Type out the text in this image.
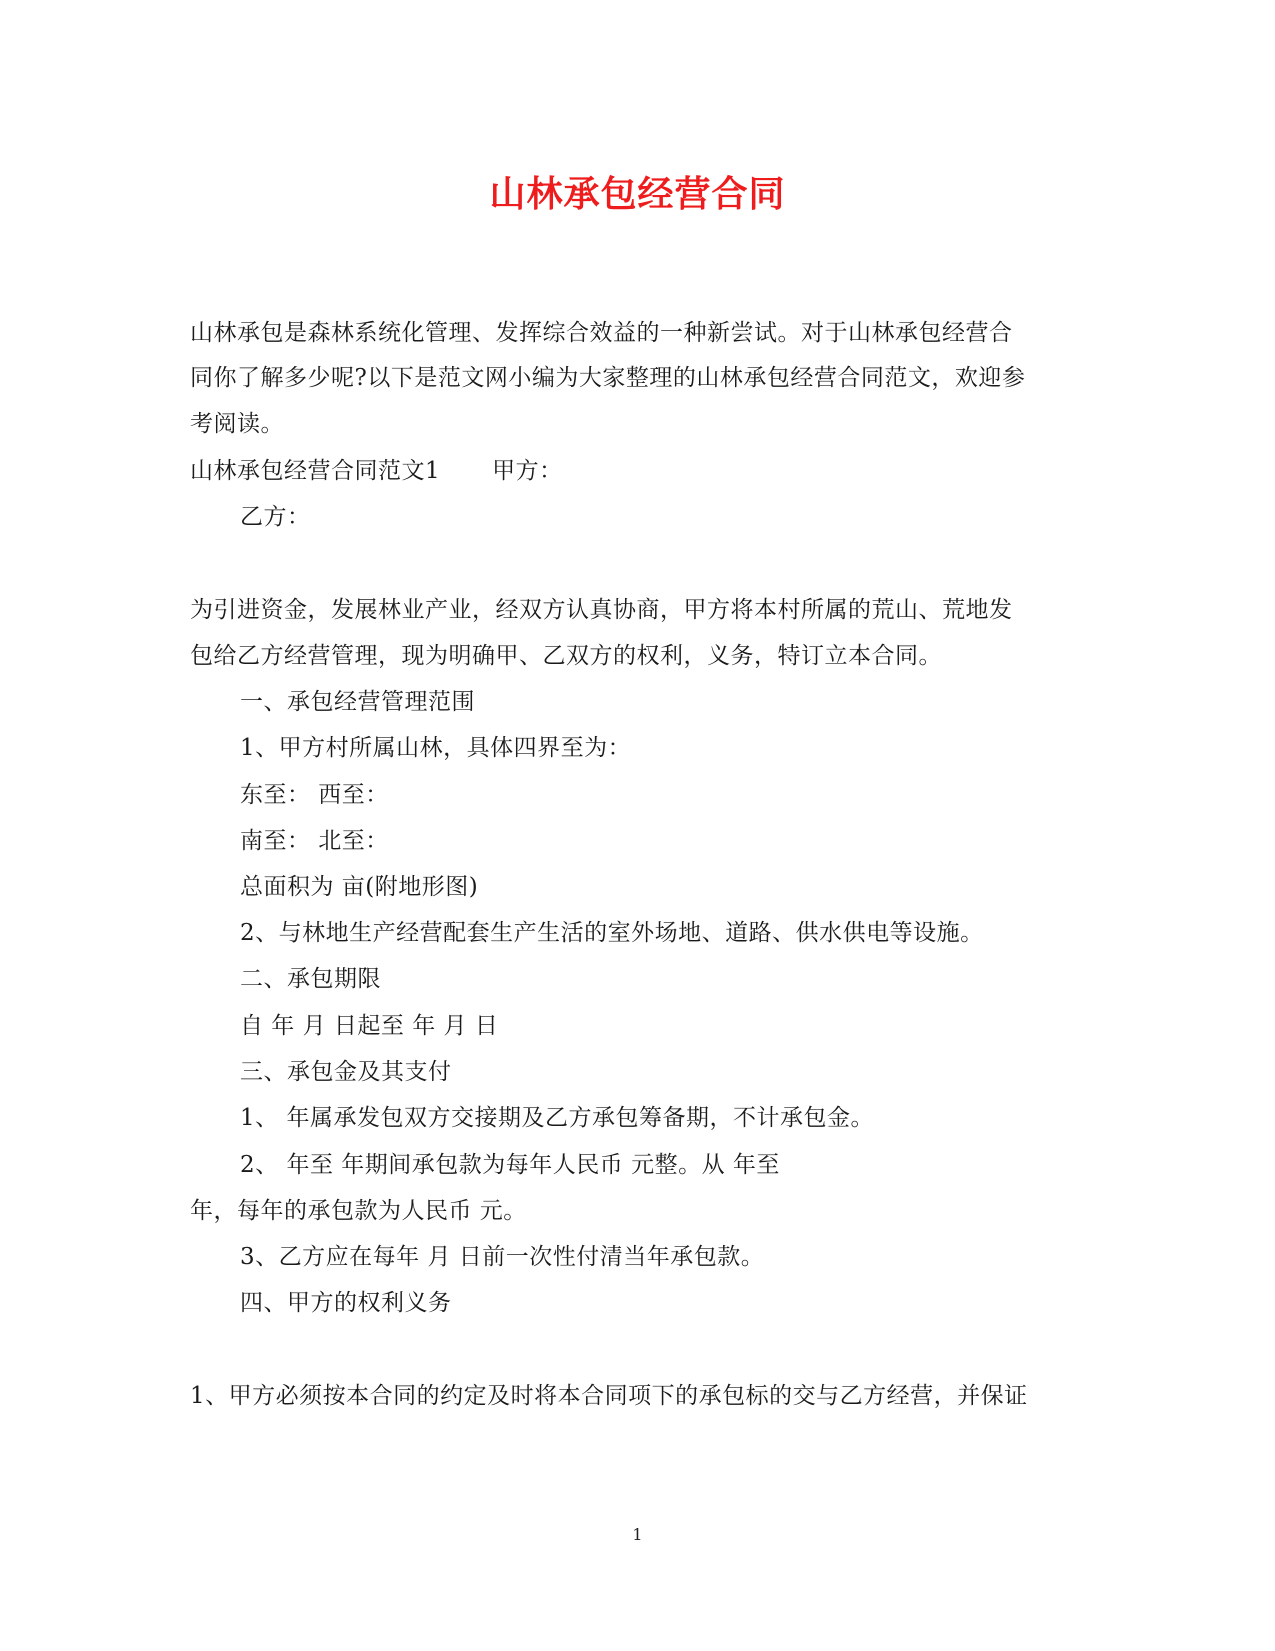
山林承包经营合同
山林承包是森林系统化管理、发挥综合效益的一种新尝试。对于山林承包经营合
同你了解多少呢?以下是范文网小编为大家整理的山林承包经营合同范文，欢迎参
考阅读。
山林承包经营合同范文1 甲方：
乙方：
为引进资金，发展林业产业，经双方认真协商，甲方将本村所属的荒山、荒地发
包给乙方经营管理，现为明确甲、乙双方的权利，义务，特订立本合同。
一、承包经营管理范围
1、甲方村所属山林，具体四界至为：
东至： 西至：
南至： 北至：
总面积为 亩(附地形图)
2、与林地生产经营配套生产生活的室外场地、道路、供水供电等设施。
二、承包期限
自 年 月 日起至 年 月 日
三、承包金及其支付
1、 年属承发包双方交接期及乙方承包筹备期，不计承包金。
2、 年至 年期间承包款为每年人民币 元整。从 年至
年，每年的承包款为人民币 元。
3、乙方应在每年 月 日前一次性付清当年承包款。
四、甲方的权利义务
1、甲方必须按本合同的约定及时将本合同项下的承包标的交与乙方经营，并保证
1
